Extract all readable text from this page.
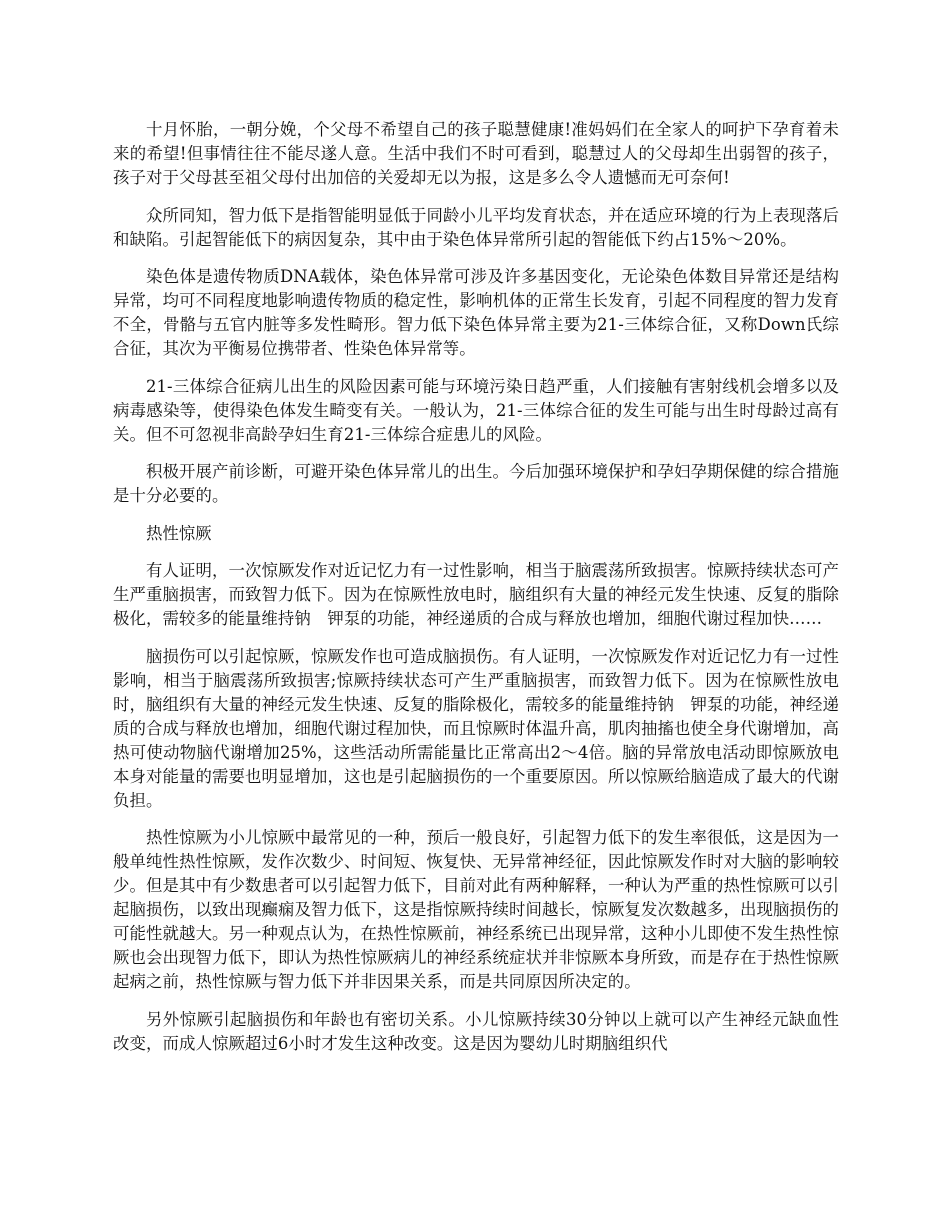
十月怀胎，一朝分娩，个父母不希望自己的孩子聪慧健康!准妈妈们在全家人的呵护下孕育着未来的希望!但事情往往不能尽遂人意。生活中我们不时可看到，聪慧过人的父母却生出弱智的孩子，孩子对于父母甚至祖父母付出加倍的关爱却无以为报，这是多么令人遗憾而无可奈何!

众所同知，智力低下是指智能明显低于同龄小儿平均发育状态，并在适应环境的行为上表现落后和缺陷。引起智能低下的病因复杂，其中由于染色体异常所引起的智能低下约占15%～20%。

染色体是遗传物质DNA载体，染色体异常可涉及许多基因变化，无论染色体数目异常还是结构异常，均可不同程度地影响遗传物质的稳定性，影响机体的正常生长发育，引起不同程度的智力发育不全，骨骼与五官内脏等多发性畸形。智力低下染色体异常主要为21-三体综合征，又称Down氏综合征，其次为平衡易位携带者、性染色体异常等。

21-三体综合征病儿出生的风险因素可能与环境污染日趋严重，人们接触有害射线机会增多以及病毒感染等，使得染色体发生畸变有关。一般认为，21-三体综合征的发生可能与出生时母龄过高有关。但不可忽视非高龄孕妇生育21-三体综合症患儿的风险。

积极开展产前诊断，可避开染色体异常儿的出生。今后加强环境保护和孕妇孕期保健的综合措施是十分必要的。

热性惊厥

有人证明，一次惊厥发作对近记忆力有一过性影响，相当于脑震荡所致损害。惊厥持续状态可产生严重脑损害，而致智力低下。因为在惊厥性放电时，脑组织有大量的神经元发生快速、反复的脂除极化，需较多的能量维持钠　钾泵的功能，神经递质的合成与释放也增加，细胞代谢过程加快……

脑损伤可以引起惊厥，惊厥发作也可造成脑损伤。有人证明，一次惊厥发作对近记忆力有一过性影响，相当于脑震荡所致损害;惊厥持续状态可产生严重脑损害，而致智力低下。因为在惊厥性放电时，脑组织有大量的神经元发生快速、反复的脂除极化，需较多的能量维持钠　钾泵的功能，神经递质的合成与释放也增加，细胞代谢过程加快，而且惊厥时体温升高，肌肉抽搐也使全身代谢增加，高热可使动物脑代谢增加25%，这些活动所需能量比正常高出2～4倍。脑的异常放电活动即惊厥放电本身对能量的需要也明显增加，这也是引起脑损伤的一个重要原因。所以惊厥给脑造成了最大的代谢负担。

热性惊厥为小儿惊厥中最常见的一种，预后一般良好，引起智力低下的发生率很低，这是因为一般单纯性热性惊厥，发作次数少、时间短、恢复快、无异常神经征，因此惊厥发作时对大脑的影响较少。但是其中有少数患者可以引起智力低下，目前对此有两种解释，一种认为严重的热性惊厥可以引起脑损伤，以致出现癫痫及智力低下，这是指惊厥持续时间越长，惊厥复发次数越多，出现脑损伤的可能性就越大。另一种观点认为，在热性惊厥前，神经系统已出现异常，这种小儿即使不发生热性惊厥也会出现智力低下，即认为热性惊厥病儿的神经系统症状并非惊厥本身所致，而是存在于热性惊厥起病之前，热性惊厥与智力低下并非因果关系，而是共同原因所决定的。

另外惊厥引起脑损伤和年龄也有密切关系。小儿惊厥持续30分钟以上就可以产生神经元缺血性改变，而成人惊厥超过6小时才发生这种改变。这是因为婴幼儿时期脑组织代
